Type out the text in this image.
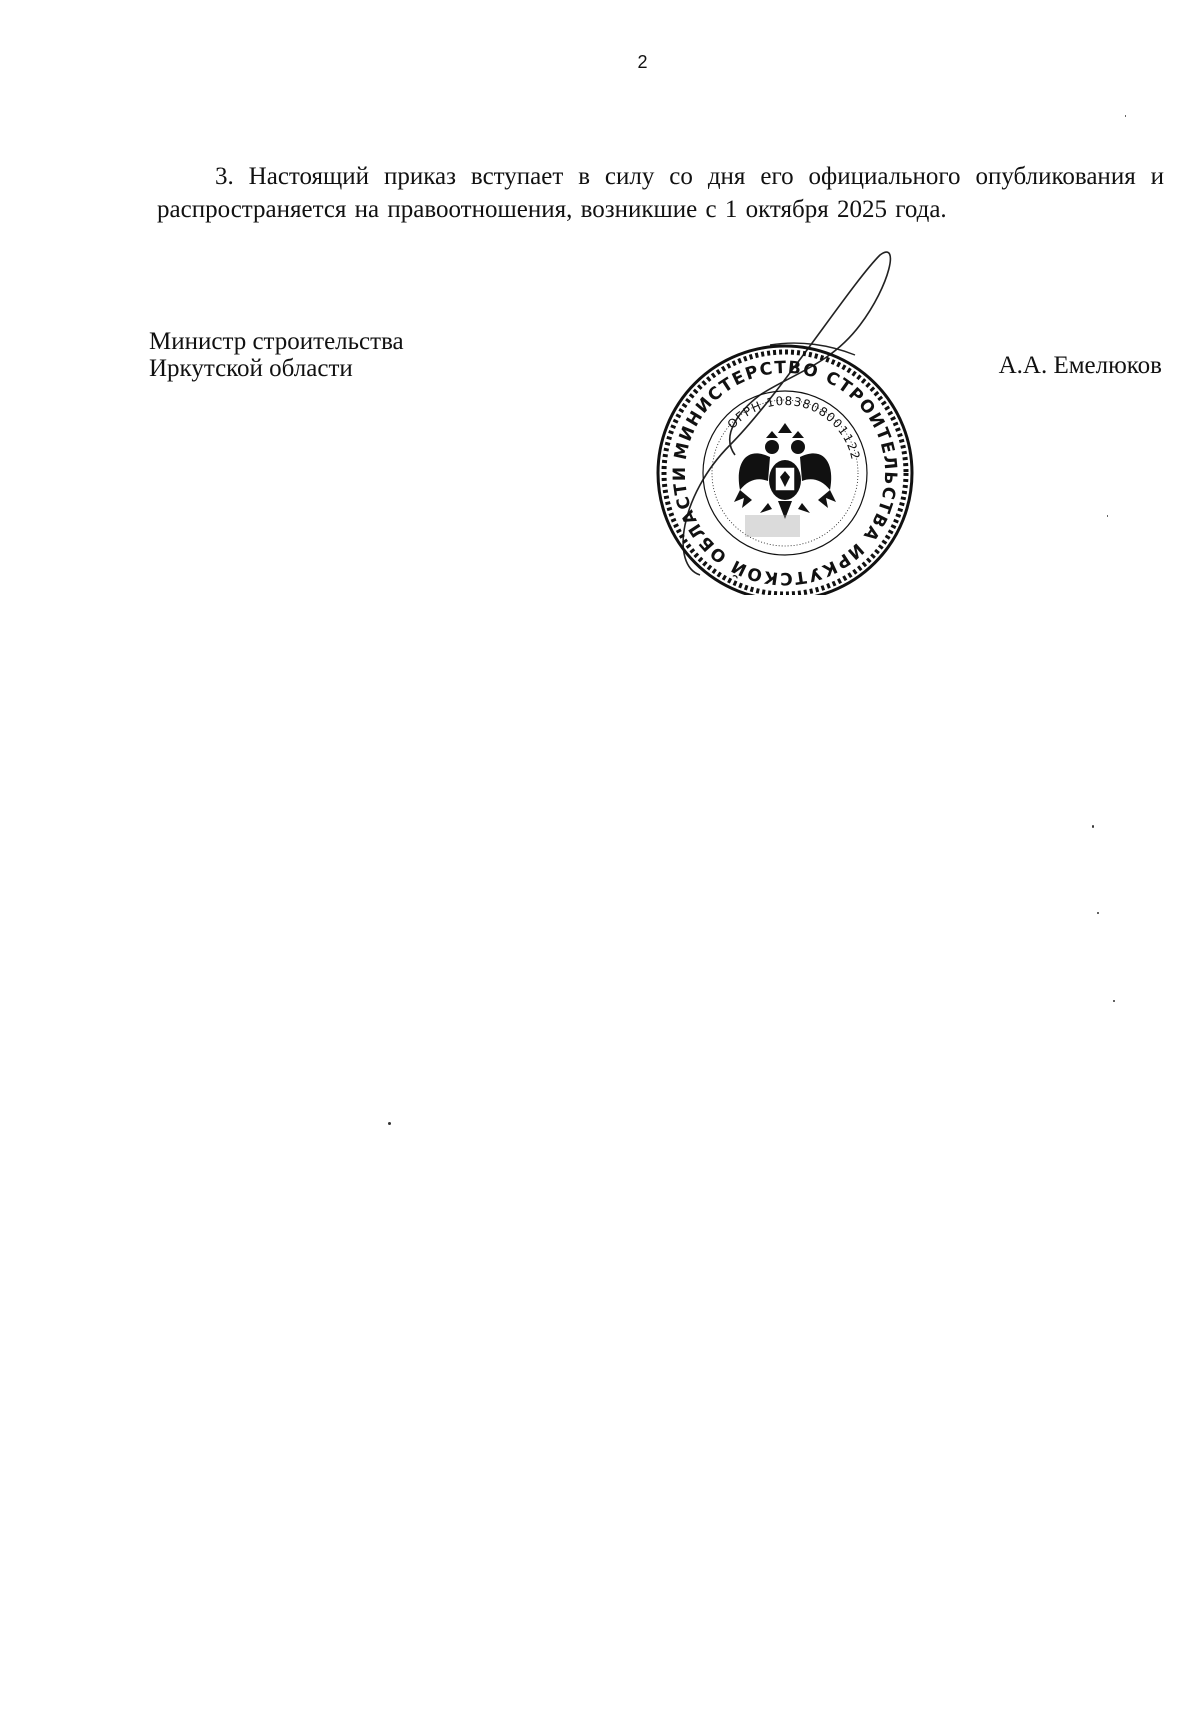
2

3. Настоящий приказ вступает в силу со дня его официального опубликования и распространяется на правоотношения, возникшие с 1 октября 2025 года.

Министр строительства
Иркутской области	А.А. Емелюков
МИНИСТЕРСТВО СТРОИТЕЛЬСТВА ИРКУТСКОЙ ОБЛАСТИ
ОГРН 1083808001122
